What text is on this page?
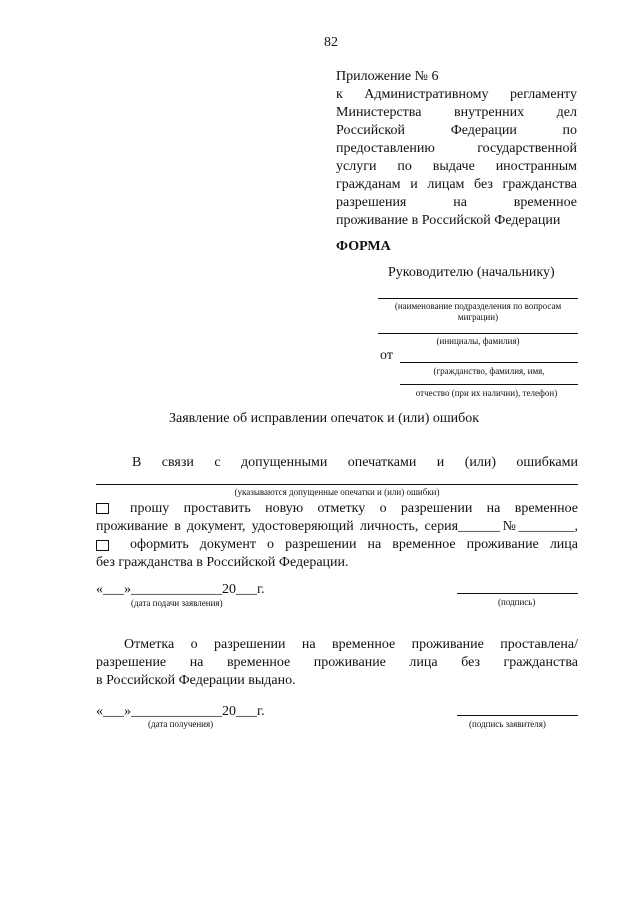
82
Приложение № 6
к Административному регламенту
Министерства внутренних дел
Российской Федерации по
предоставлению государственной
услуги по выдаче иностранным
гражданам и лицам без гражданства
разрешения на временное
проживание в Российской Федерации
ФОРМА
Руководителю (начальнику)
(наименование подразделения по вопросам миграции)
(инициалы, фамилия)
от
(гражданство, фамилия, имя,
отчество (при их наличии), телефон)
Заявление об исправлении опечаток и (или) ошибок
В связи с допущенными опечатками и (или) ошибками
(указываются допущенные опечатки и (или) ошибки)
прошу проставить новую отметку о разрешении на временное
проживание в документ, удостоверяющий личность, серия______№________,
оформить документ о разрешении на временное проживание лица
без гражданства в Российской Федерации.
«___»_____________20___г.
(дата подачи заявления)	(подпись)
Отметка о разрешении на временное проживание проставлена/
разрешение на временное проживание лица без гражданства
в Российской Федерации выдано.
«___»_____________20___г.
(дата получения)	(подпись заявителя)
